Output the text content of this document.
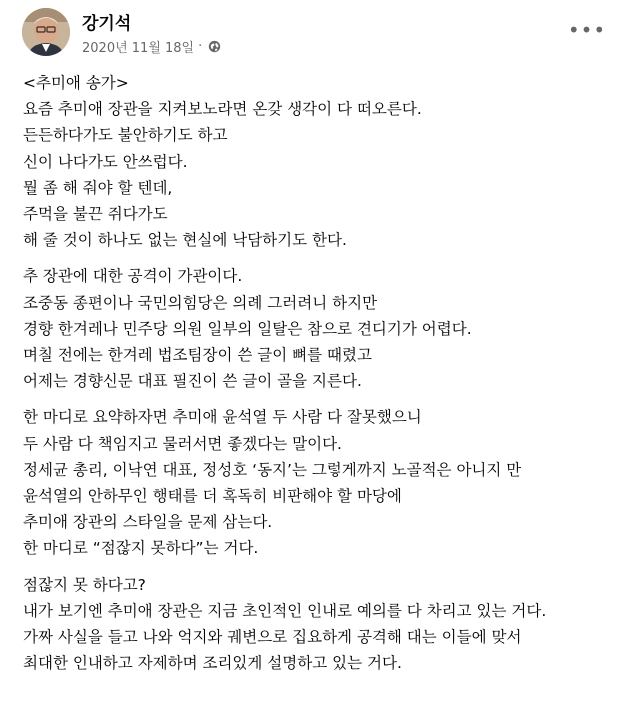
강기석
2020년 11월 18일 ·
•••
<추미애 송가>
요즘 추미애 장관을 지켜보노라면 온갖 생각이 다 떠오른다.
든든하다가도 불안하기도 하고
신이 나다가도 안쓰럽다.
뭘 좀 해 줘야 할 텐데,
주먹을 불끈 쥐다가도
해 줄 것이 하나도 없는 현실에 낙담하기도 한다.
추 장관에 대한 공격이 가관이다.
조중동 종편이나 국민의힘당은 의례 그러려니 하지만
경향 한겨레나 민주당 의원 일부의 일탈은 참으로 견디기가 어렵다.
며칠 전에는 한겨레 법조팀장이 쓴 글이 뼈를 때렸고
어제는 경향신문 대표 필진이 쓴 글이 골을 지른다.
한 마디로 요약하자면 추미애 윤석열 두 사람 다 잘못했으니
두 사람 다 책임지고 물러서면 좋겠다는 말이다.
정세균 총리, 이낙연 대표, 정성호 ‘동지’는 그렇게까지 노골적은 아니지 만
윤석열의 안하무인 행태를 더 혹독히 비판해야 할 마당에
추미애 장관의 스타일을 문제 삼는다.
한 마디로 “점잖지 못하다”는 거다.
점잖지 못 하다고?
내가 보기엔 추미애 장관은 지금 초인적인 인내로 예의를 다 차리고 있는 거다.
가짜 사실을 들고 나와 억지와 궤변으로 집요하게 공격해 대는 이들에 맞서
최대한 인내하고 자제하며 조리있게 설명하고 있는 거다.
